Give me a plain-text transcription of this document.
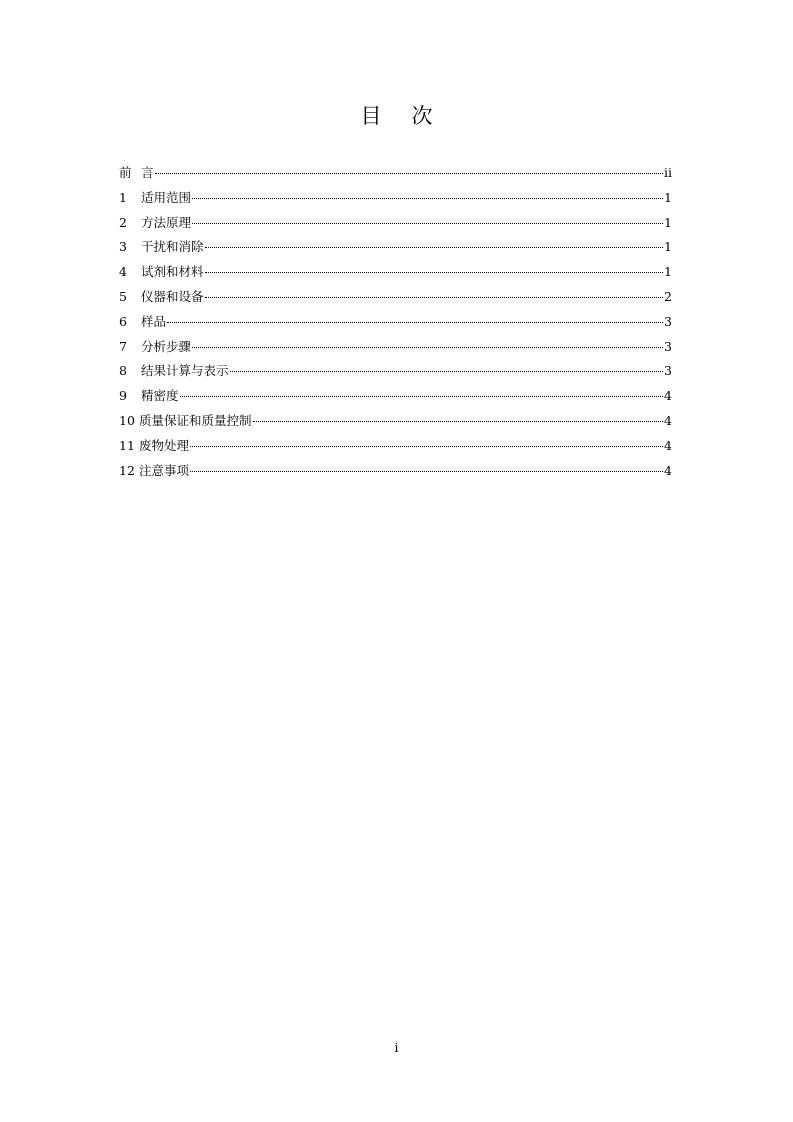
目 次
前 言	ii
1	适用范围	1
2	方法原理	1
3	干扰和消除	1
4	试剂和材料	1
5	仪器和设备	2
6	样品	3
7	分析步骤	3
8	结果计算与表示	3
9	精密度	4
10 质量保证和质量控制	4
11 废物处理	4
12 注意事项	4
i
